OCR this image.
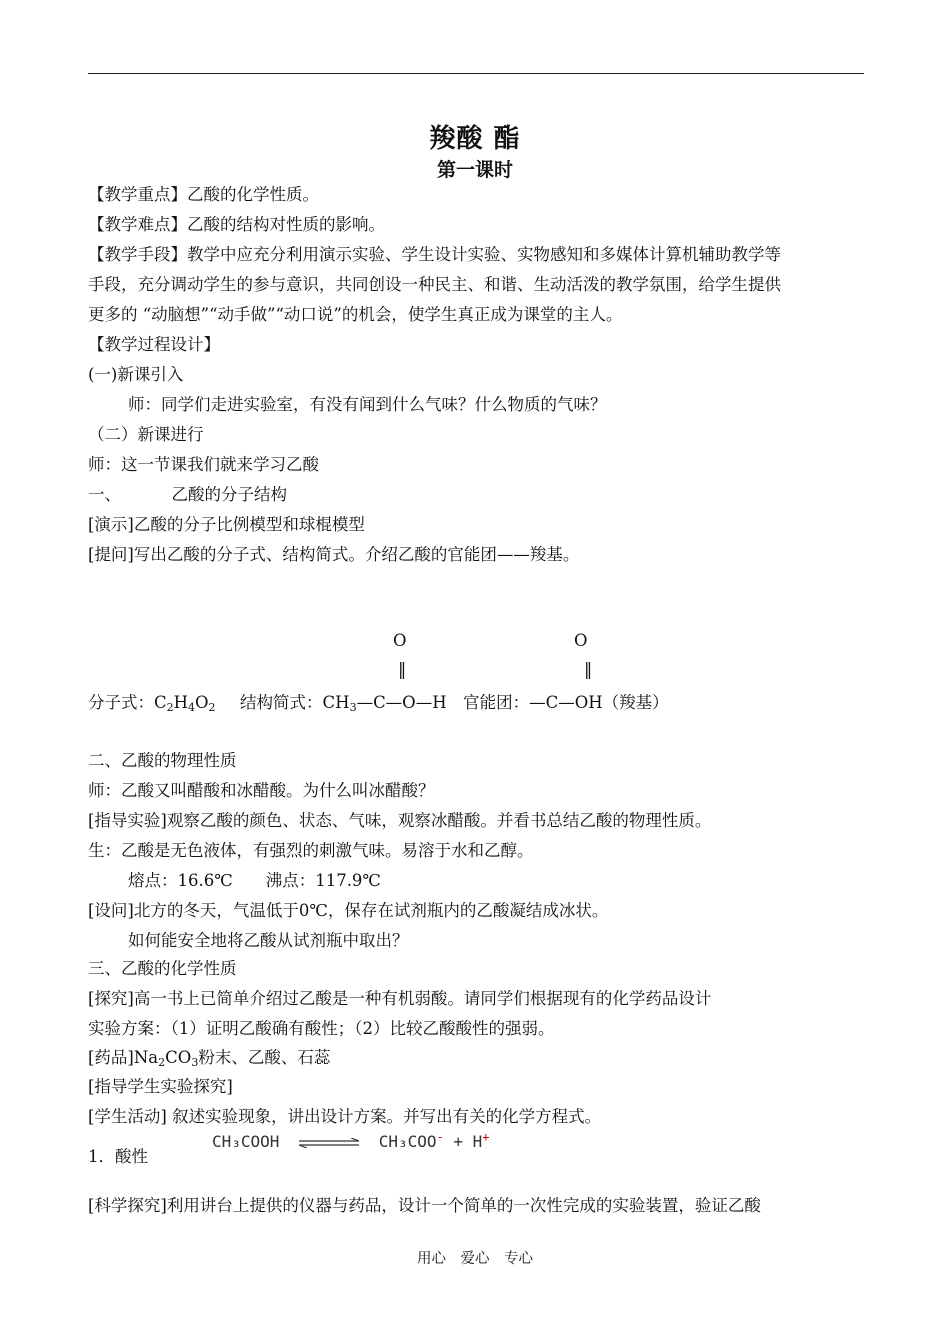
羧酸 酯
第一课时
【教学重点】乙酸的化学性质。
【教学难点】乙酸的结构对性质的影响。
【教学手段】教学中应充分利用演示实验、学生设计实验、实物感知和多媒体计算机辅助教学等
手段，充分调动学生的参与意识，共同创设一种民主、和谐、生动活泼的教学氛围，给学生提供
更多的 “动脑想”“动手做”“动口说”的机会，使学生真正成为课堂的主人。
【教学过程设计】
(一)新课引入
师：同学们走进实验室，有没有闻到什么气味？什么物质的气味？
（二）新课进行
师：这一节课我们就来学习乙酸
一、	乙酸的分子结构
[演示]乙酸的分子比例模型和球棍模型
[提问]写出乙酸的分子式、结构简式。介绍乙酸的官能团——羧基。
O	O
‖	‖
分子式：$C_2H_4O_2$ 结构简式：$CH_3—C—O—H$ 官能团：—C—OH（羧基）
二、乙酸的物理性质
师：乙酸又叫醋酸和冰醋酸。为什么叫冰醋酸？
[指导实验]观察乙酸的颜色、状态、气味，观察冰醋酸。并看书总结乙酸的物理性质。
生：乙酸是无色液体，有强烈的刺激气味。易溶于水和乙醇。
熔点：16.6℃　　沸点：117.9℃
[设问]北方的冬天，气温低于0℃，保存在试剂瓶内的乙酸凝结成冰状。
如何能安全地将乙酸从试剂瓶中取出？
三、乙酸的化学性质
[探究]高一书上已简单介绍过乙酸是一种有机弱酸。请同学们根据现有的化学药品设计
实验方案：（1）证明乙酸确有酸性；（2）比较乙酸酸性的强弱。
[药品]$Na_2CO_3$粉末、乙酸、石蕊
[指导学生实验探究]
[学生活动] 叙述实验现象，讲出设计方案。并写出有关的化学方程式。
1．酸性
CH₃COOH ⇌ CH₃COO- + H+
[科学探究]利用讲台上提供的仪器与药品，设计一个简单的一次性完成的实验装置，验证乙酸
用心　爱心　专心
